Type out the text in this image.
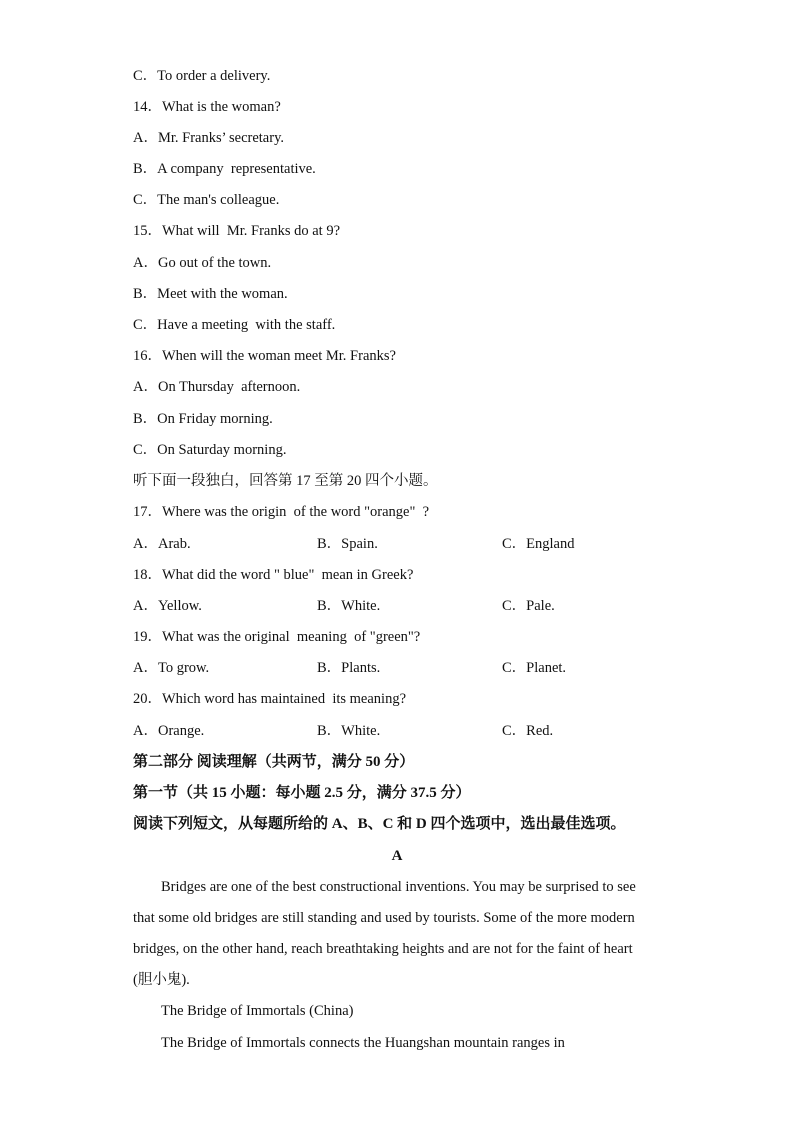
C．To order a delivery.
14．What is the woman?
A．Mr. Franks’ secretary.
B．A company  representative.
C．The man's colleague.
15．What will  Mr. Franks do at 9?
A．Go out of the town.
B．Meet with the woman.
C．Have a meeting  with the staff.
16．When will the woman meet Mr. Franks?
A．On Thursday  afternoon.
B．On Friday morning.
C．On Saturday morning.
听下面一段独白，回答第 17 至第 20 四个小题。
17．Where was the origin  of the word "orange"  ?
A．Arab.	B．Spain.	C．England
18．What did the word " blue"  mean in Greek?
A．Yellow.	B．White.	C．Pale.
19．What was the original  meaning  of "green"?
A．To grow.	B．Plants.	C．Planet.
20．Which word has maintained  its meaning?
A．Orange.	B．White.	C．Red.
第二部分 阅读理解（共两节，满分 50 分）
第一节（共 15 小题：每小题 2.5 分，满分 37.5 分）
阅读下列短文，从每题所给的 A、B、C 和 D 四个选项中，选出最佳选项。
A
Bridges are one of the best constructional inventions. You may be surprised to see that some old bridges are still standing and used by tourists. Some of the more modern bridges, on the other hand, reach breathtaking heights and are not for the faint of heart (胆小鬼).
The Bridge of Immortals (China)
The Bridge of Immortals connects the Huangshan mountain ranges in
